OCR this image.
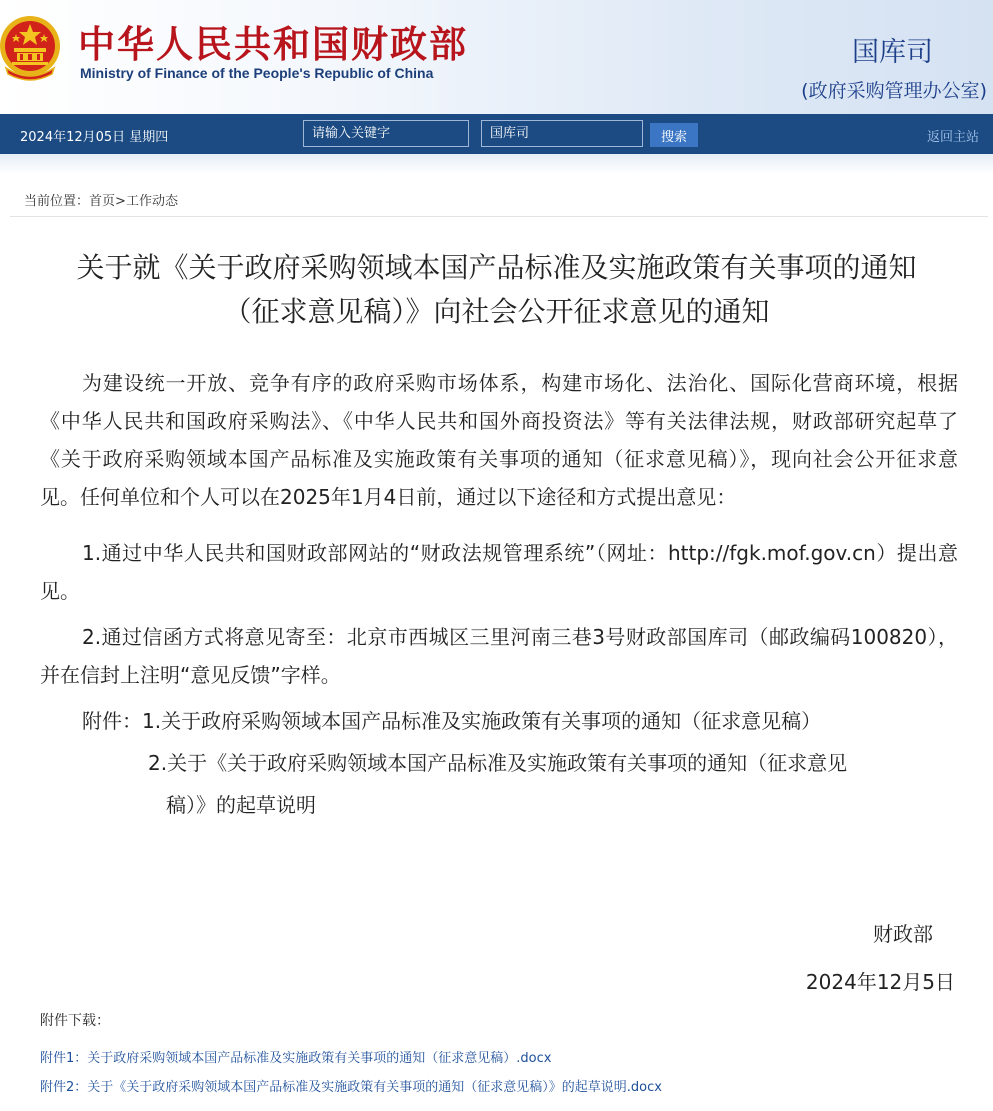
中华人民共和国财政部
Ministry of Finance of the People's Republic of China
国库司
(政府采购管理办公室)
2024年12月05日 星期四
请输入关键字	国库司	搜索	返回主站
当前位置：首页>工作动态
关于就《关于政府采购领域本国产品标准及实施政策有关事项的通知
（征求意见稿）》向社会公开征求意见的通知

为建设统一开放、竞争有序的政府采购市场体系，构建市场化、法治化、国际化营商环境，根据《中华人民共和国政府采购法》、《中华人民共和国外商投资法》等有关法律法规，财政部研究起草了《关于政府采购领域本国产品标准及实施政策有关事项的通知（征求意见稿）》，现向社会公开征求意见。任何单位和个人可以在2025年1月4日前，通过以下途径和方式提出意见：

1.通过中华人民共和国财政部网站的“财政法规管理系统”（网址：http://fgk.mof.gov.cn）提出意见。

2.通过信函方式将意见寄至：北京市西城区三里河南三巷3号财政部国库司（邮政编码100820），并在信封上注明“意见反馈”字样。

附件：1.关于政府采购领域本国产品标准及实施政策有关事项的通知（征求意见稿）
2.关于《关于政府采购领域本国产品标准及实施政策有关事项的通知（征求意见
稿）》的起草说明
财政部
2024年12月5日
附件下载：
附件1：关于政府采购领域本国产品标准及实施政策有关事项的通知（征求意见稿）.docx
附件2：关于《关于政府采购领域本国产品标准及实施政策有关事项的通知（征求意见稿）》的起草说明.docx
